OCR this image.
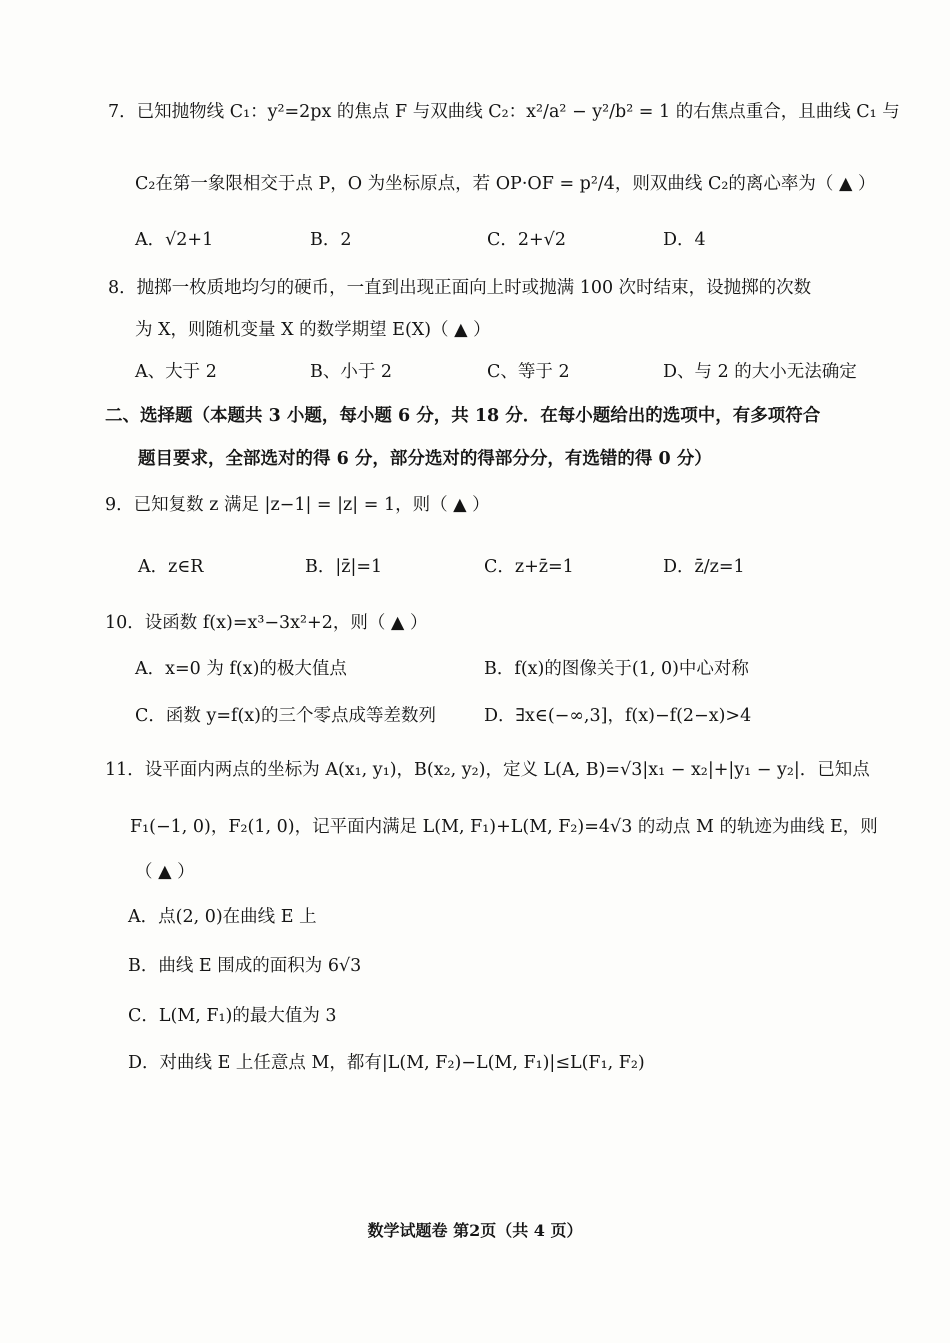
7．已知抛物线 C₁：y²=2px 的焦点 F 与双曲线 C₂：x²/a² − y²/b² = 1 的右焦点重合，且曲线 C₁ 与
C₂在第一象限相交于点 P，O 为坐标原点，若 OP·OF = p²/4，则双曲线 C₂的离心率为（ ▲ ）
A．√2+1	B．2	C．2+√2	D．4
8．抛掷一枚质地均匀的硬币，一直到出现正面向上时或抛满 100 次时结束，设抛掷的次数
为 X，则随机变量 X 的数学期望 E(X)（ ▲ ）
A、大于 2	B、小于 2	C、等于 2	D、与 2 的大小无法确定
二、选择题（本题共 3 小题，每小题 6 分，共 18 分．在每小题给出的选项中，有多项符合
题目要求，全部选对的得 6 分，部分选对的得部分分，有选错的得 0 分）
9．已知复数 z 满足 |z−1| = |z| = 1，则（ ▲ ）
A．z∈R	B．|z̄|=1	C．z+z̄=1	D．z̄/z=1
10．设函数 f(x)=x³−3x²+2，则（ ▲ ）
A．x=0 为 f(x)的极大值点	B．f(x)的图像关于(1, 0)中心对称
C．函数 y=f(x)的三个零点成等差数列	D．∃x∈(−∞,3]，f(x)−f(2−x)>4
11．设平面内两点的坐标为 A(x₁, y₁)，B(x₂, y₂)，定义 L(A, B)=√3|x₁ − x₂|+|y₁ − y₂|．已知点
F₁(−1, 0)，F₂(1, 0)，记平面内满足 L(M, F₁)+L(M, F₂)=4√3 的动点 M 的轨迹为曲线 E，则
（ ▲ ）
A．点(2, 0)在曲线 E 上
B．曲线 E 围成的面积为 6√3
C．L(M, F₁)的最大值为 3
D．对曲线 E 上任意点 M，都有|L(M, F₂)−L(M, F₁)|≤L(F₁, F₂)
数学试题卷 第2页（共 4 页）
